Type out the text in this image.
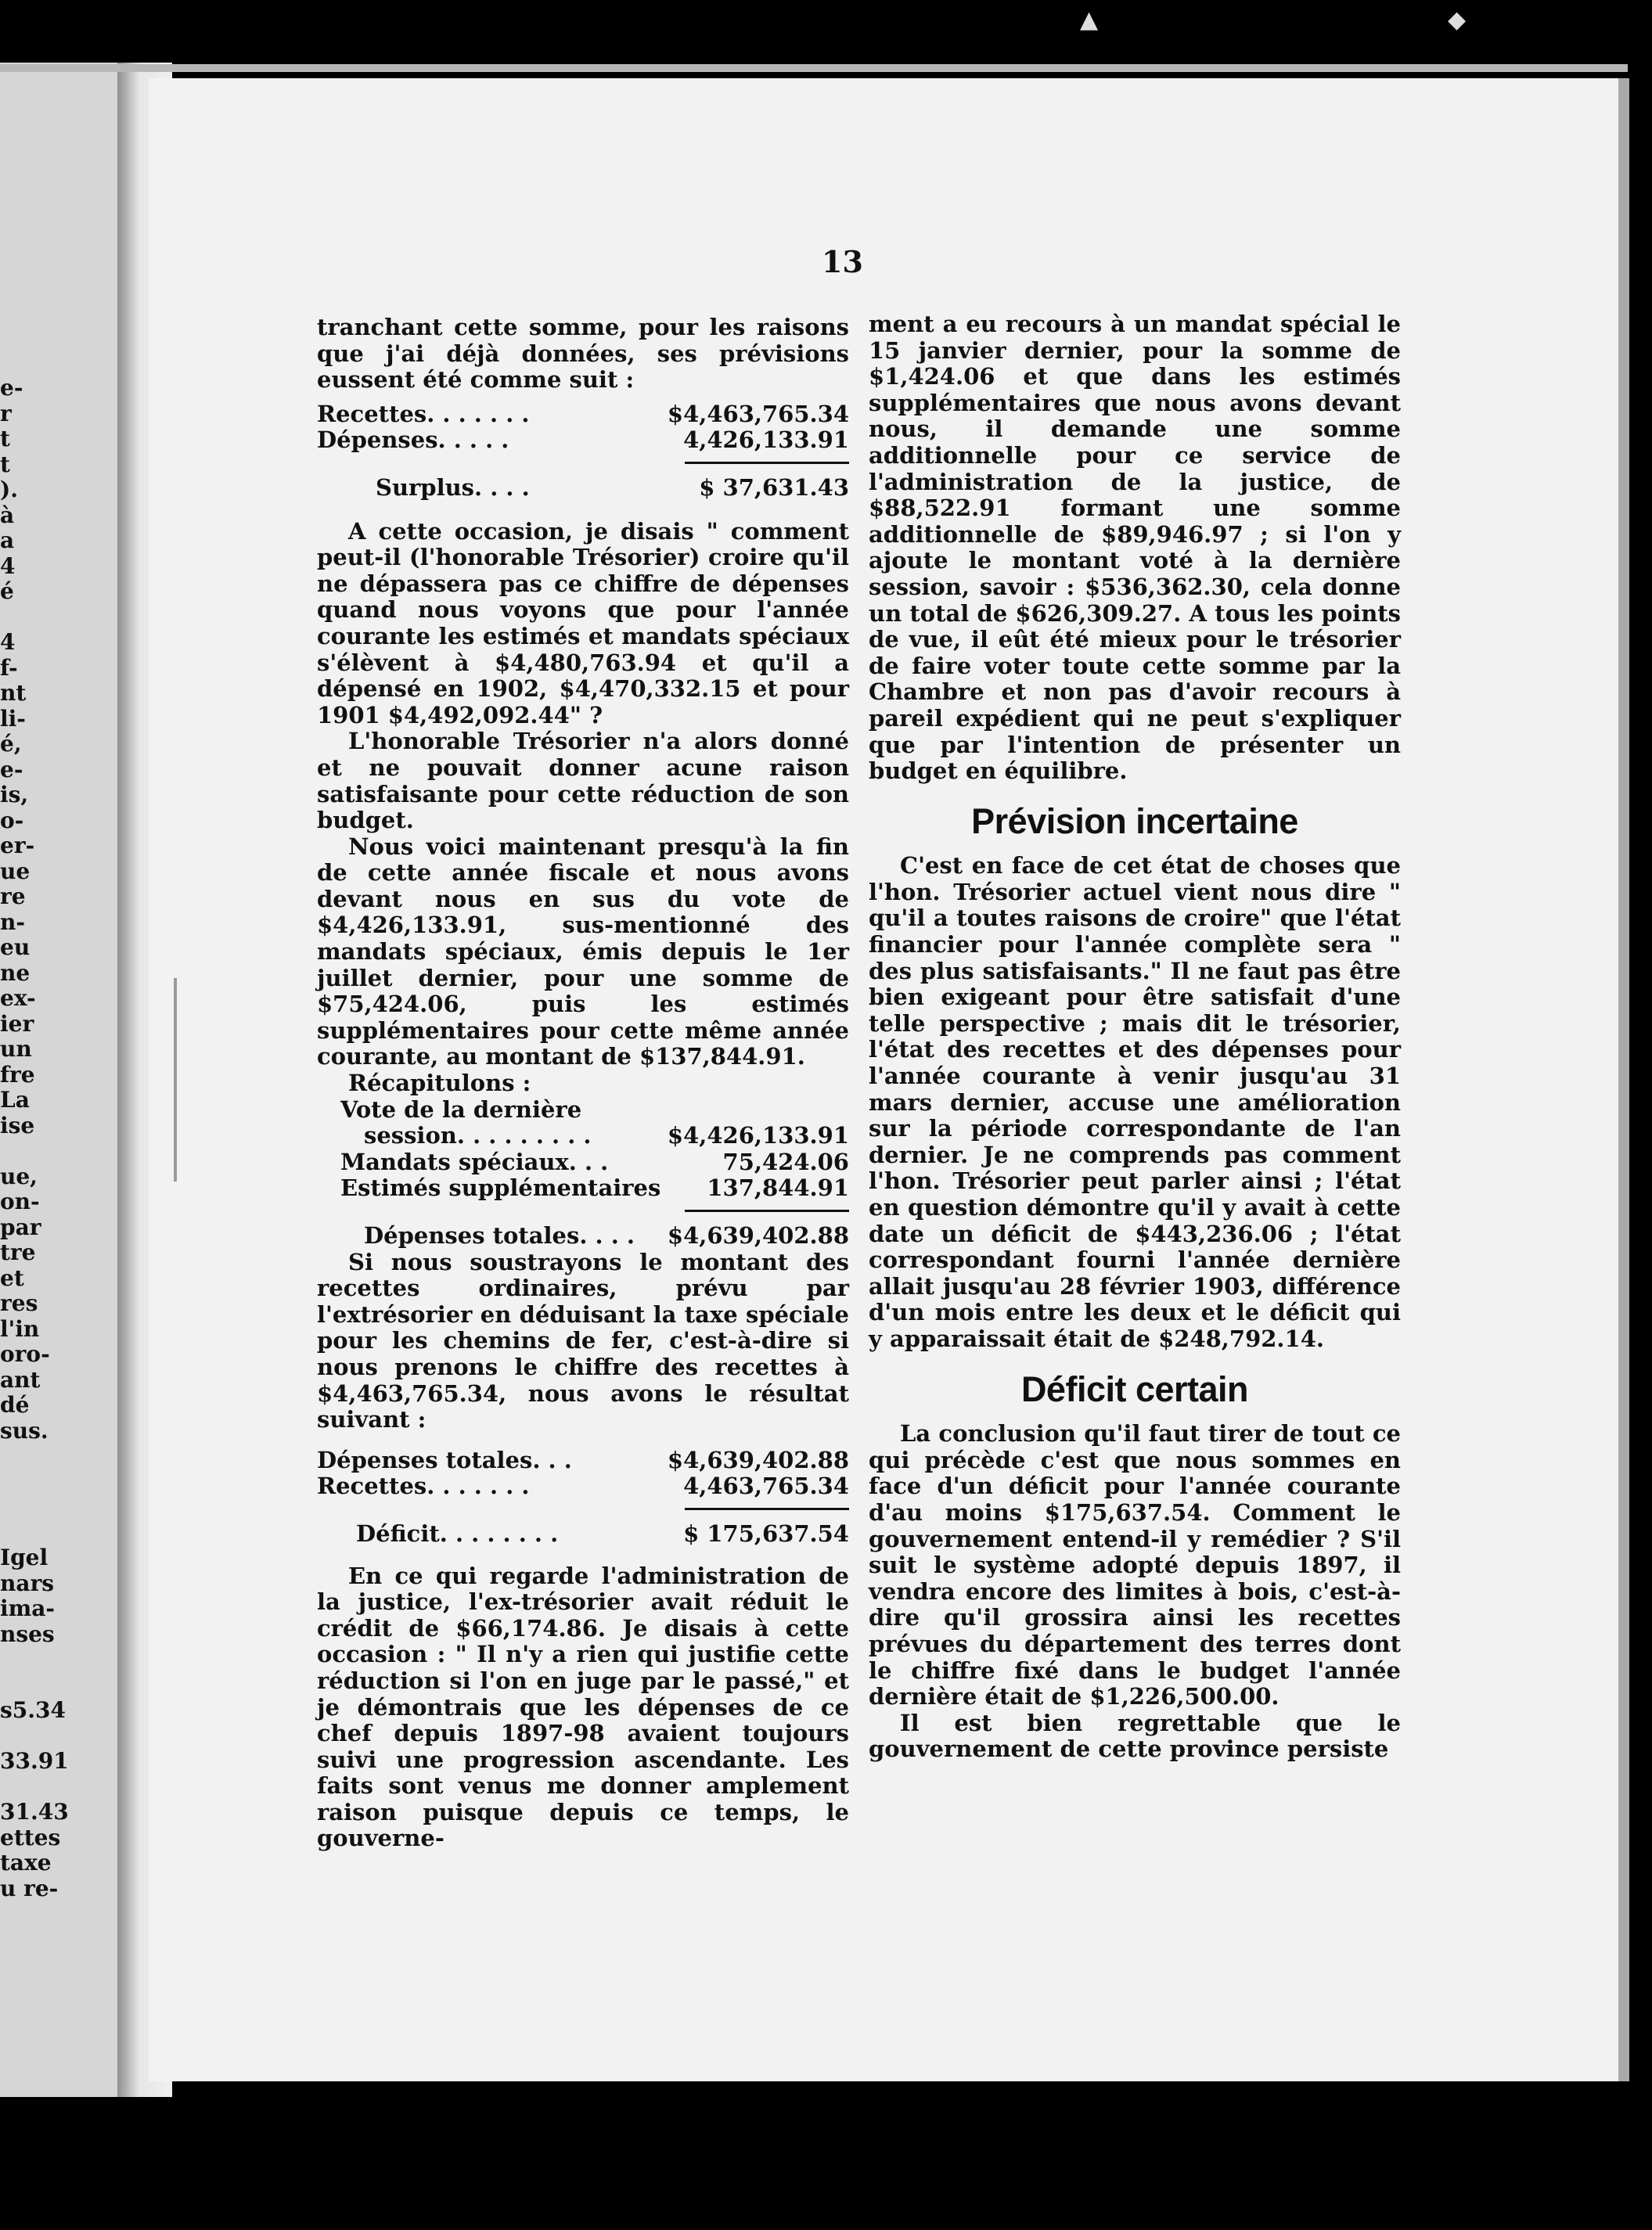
e-
r
t
t
).
à
a
4
é
4
f-
nt
li-
é,
e-
is,
o-
er-
ue
re
n-
eu
ne
ex-
ier
un
fre
La
ise
ue,
on-
par
tre
et
res
l'in
oro-
ant
dé
sus.
Igel
nars
ima-
nses
s5.34
33.91
31.43
ettes
taxe
u re-
▲	◆
13
tranchant cette somme, pour les raisons que j'ai déjà données, ses prévisions eussent été comme suit :
Recettes. . . . . . .	$4,463,765.34
Dépenses. . . . .	4,426,133.91
Surplus. . . .	$ 37,631.43
A cette occasion, je disais " comment peut-il (l'honorable Trésorier) croire qu'il ne dépassera pas ce chiffre de dépenses quand nous voyons que pour l'année courante les estimés et mandats spéciaux s'élèvent à $4,480,763.94 et qu'il a dépensé en 1902, $4,470,332.15 et pour 1901 $4,492,092.44" ?
L'honorable Trésorier n'a alors donné et ne pouvait donner acune raison satisfaisante pour cette réduction de son budget.
Nous voici maintenant presqu'à la fin de cette année fiscale et nous avons devant nous en sus du vote de $4,426,133.91, sus-mentionné des mandats spéciaux, émis depuis le 1er juillet dernier, pour une somme de $75,424.06, puis les estimés supplémentaires pour cette même année courante, au montant de $137,844.91.
Récapitulons :
Vote de la dernière
session. . . . . . . . .	$4,426,133.91
Mandats spéciaux. . .	75,424.06
Estimés supplémentaires 137,844.91
Dépenses totales. . . . $4,639,402.88
Si nous soustrayons le montant des recettes ordinaires, prévu par l'extrésorier en déduisant la taxe spéciale pour les chemins de fer, c'est-à-dire si nous prenons le chiffre des recettes à $4,463,765.34, nous avons le résultat suivant :
Dépenses totales. . .	$4,639,402.88
Recettes. . . . . . .	4,463,765.34
Déficit. . . . . . . .	$ 175,637.54
En ce qui regarde l'administration de la justice, l'ex-trésorier avait réduit le crédit de $66,174.86. Je disais à cette occasion : " Il n'y a rien qui justifie cette réduction si l'on en juge par le passé," et je démontrais que les dépenses de ce chef depuis 1897-98 avaient toujours suivi une progression ascendante. Les faits sont venus me donner amplement raison puisque depuis ce temps, le gouverne-
ment a eu recours à un mandat spécial le 15 janvier dernier, pour la somme de $1,424.06 et que dans les estimés supplémentaires que nous avons devant nous, il demande une somme additionnelle pour ce service de l'administration de la justice, de $88,522.91 formant une somme additionnelle de $89,946.97 ; si l'on y ajoute le montant voté à la dernière session, savoir : $536,362.30, cela donne un total de $626,309.27. A tous les points de vue, il eût été mieux pour le trésorier de faire voter toute cette somme par la Chambre et non pas d'avoir recours à pareil expédient qui ne peut s'expliquer que par l'intention de présenter un budget en équilibre.
Prévision incertaine
C'est en face de cet état de choses que l'hon. Trésorier actuel vient nous dire " qu'il a toutes raisons de croire" que l'état financier pour l'année complète sera " des plus satisfaisants." Il ne faut pas être bien exigeant pour être satisfait d'une telle perspective ; mais dit le trésorier, l'état des recettes et des dépenses pour l'année courante à venir jusqu'au 31 mars dernier, accuse une amélioration sur la période correspondante de l'an dernier. Je ne comprends pas comment l'hon. Trésorier peut parler ainsi ; l'état en question démontre qu'il y avait à cette date un déficit de $443,236.06 ; l'état correspondant fourni l'année dernière allait jusqu'au 28 février 1903, différence d'un mois entre les deux et le déficit qui y apparaissait était de $248,792.14.
Déficit certain
La conclusion qu'il faut tirer de tout ce qui précède c'est que nous sommes en face d'un déficit pour l'année courante d'au moins $175,637.54. Comment le gouvernement entend-il y remédier ? S'il suit le système adopté depuis 1897, il vendra encore des limites à bois, c'est-à-dire qu'il grossira ainsi les recettes prévues du département des terres dont le chiffre fixé dans le budget l'année dernière était de $1,226,500.00.
Il est bien regrettable que le gouvernement de cette province persiste
